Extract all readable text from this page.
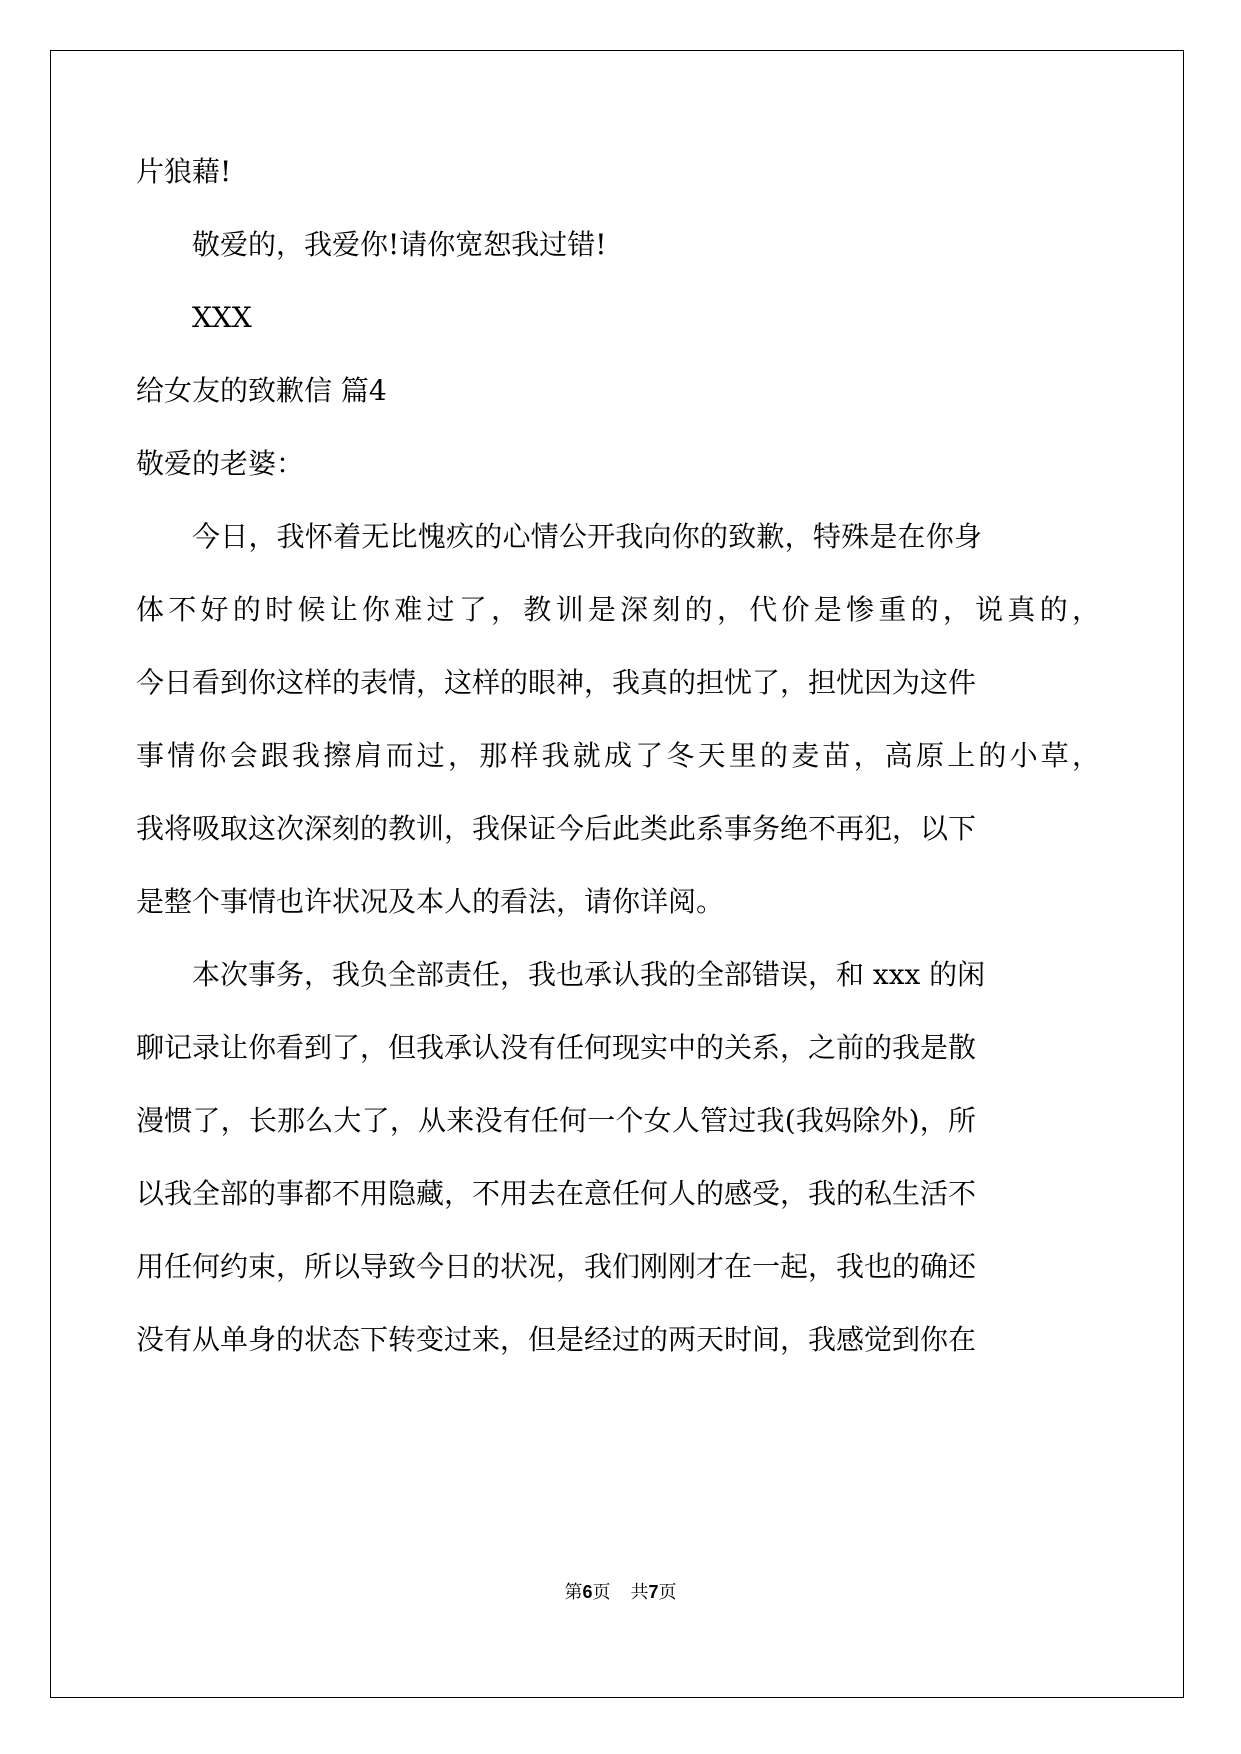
片狼藉!
敬爱的，我爱你!请你宽恕我过错!
XXX
给女友的致歉信 篇4
敬爱的老婆：
今日，我怀着无比愧疚的心情公开我向你的致歉，特殊是在你身
体不好的时候让你难过了，教训是深刻的，代价是惨重的，说真的，
今日看到你这样的表情，这样的眼神，我真的担忧了，担忧因为这件
事情你会跟我擦肩而过，那样我就成了冬天里的麦苗，高原上的小草，
我将吸取这次深刻的教训，我保证今后此类此系事务绝不再犯，以下
是整个事情也许状况及本人的看法，请你详阅。
本次事务，我负全部责任，我也承认我的全部错误，和 xxx 的闲
聊记录让你看到了，但我承认没有任何现实中的关系，之前的我是散
漫惯了，长那么大了，从来没有任何一个女人管过我(我妈除外)，所
以我全部的事都不用隐藏，不用去在意任何人的感受，我的私生活不
用任何约束，所以导致今日的状况，我们刚刚才在一起，我也的确还
没有从单身的状态下转变过来，但是经过的两天时间，我感觉到你在
第6页 共7页
